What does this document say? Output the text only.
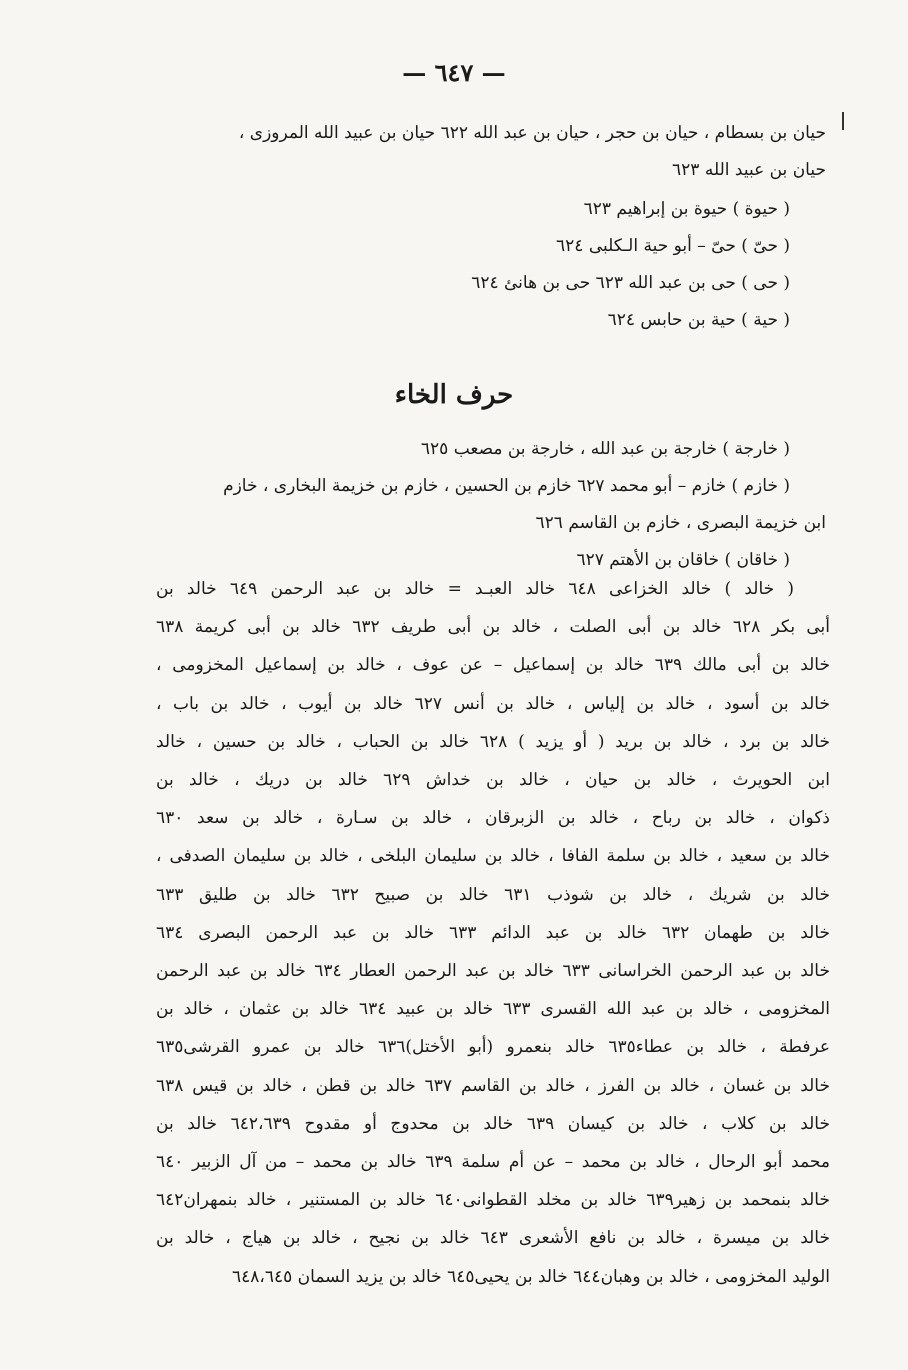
— ٦٤٧ —
حيان بن بسطام ، حيان بن حجر ، حيان بن عبد الله ٦٢٢ حيان بن عبيد الله المروزى ،
حيان بن عبيد الله ٦٢٣
( حيوة ) حيوة بن إبراهيم ٦٢٣
( حىّ ) حىّ – أبو حية الـكلبى ٦٢٤
( حى ) حى بن عبد الله ٦٢٣ حى بن هانئ ٦٢٤
( حية ) حية بن حابس ٦٢٤
حرف الخاء
( خارجة ) خارجة بن عبد الله ، خارجة بن مصعب ٦٢٥
( خازم ) خازم – أبو محمد ٦٢٧ خازم بن الحسين ، خازم بن خزيمة البخارى ، خازم
ابن خزيمة البصرى ، خازم بن القاسم ٦٢٦
( خاقان ) خاقان بن الأهتم ٦٢٧
( خالد ) خالد الخزاعى ٦٤٨ خالد العبـد = خالد بن عبد الرحمن ٦٤٩ خالد بن
أبى بكر ٦٢٨ خالد بن أبى الصلت ، خالد بن أبى طريف ٦٣٢ خالد بن أبى كريمة ٦٣٨
خالد بن أبى مالك ٦٣٩ خالد بن إسماعيل – عن عوف ، خالد بن إسماعيل المخزومى ،
خالد بن أسود ، خالد بن إلياس ، خالد بن أنس ٦٢٧ خالد بن أيوب ، خالد بن باب ،
خالد بن برد ، خالد بن بريد ( أو يزيد ) ٦٢٨ خالد بن الحباب ، خالد بن حسين ، خالد
ابن الحويرث ، خالد بن حيان ، خالد بن خداش ٦٢٩ خالد بن دريك ، خالد بن
ذكوان ، خالد بن رباح ، خالد بن الزبرقان ، خالد بن سـارة ، خالد بن سعد ٦٣٠
خالد بن سعيد ، خالد بن سلمة الفافا ، خالد بن سليمان البلخى ، خالد بن سليمان الصدفى ،
خالد بن شريك ، خالد بن شوذب ٦٣١ خالد بن صبيح ٦٣٢ خالد بن طليق ٦٣٣
خالد بن طهمان ٦٣٢ خالد بن عبد الدائم ٦٣٣ خالد بن عبد الرحمن البصرى ٦٣٤
خالد بن عبد الرحمن الخراسانى ٦٣٣ خالد بن عبد الرحمن العطار ٦٣٤ خالد بن عبد الرحمن
المخزومى ، خالد بن عبد الله القسرى ٦٣٣ خالد بن عبيد ٦٣٤ خالد بن عثمان ، خالد بن
عرفطة ، خالد بن عطاء٦٣٥ خالد بنعمرو (أبو الأختل)٦٣٦ خالد بن عمرو القرشى٦٣٥
خالد بن غسان ، خالد بن الفرز ، خالد بن القاسم ٦٣٧ خالد بن قطن ، خالد بن قيس ٦٣٨
خالد بن كلاب ، خالد بن كيسان ٦٣٩ خالد بن محدوج أو مقدوح ٦٤٢،٦٣٩ خالد بن
محمد أبو الرحال ، خالد بن محمد – عن أم سلمة ٦٣٩ خالد بن محمد – من آل الزبير ٦٤٠
خالد بنمحمد بن زهير٦٣٩ خالد بن مخلد القطوانى٦٤٠ خالد بن المستنير ، خالد بنمهران٦٤٢
خالد بن ميسرة ، خالد بن نافع الأشعرى ٦٤٣ خالد بن نجيح ، خالد بن هياج ، خالد بن
الوليد المخزومى ، خالد بن وهبان٦٤٤ خالد بن يحيى٦٤٥ خالد بن يزيد السمان ٦٤٨،٦٤٥
